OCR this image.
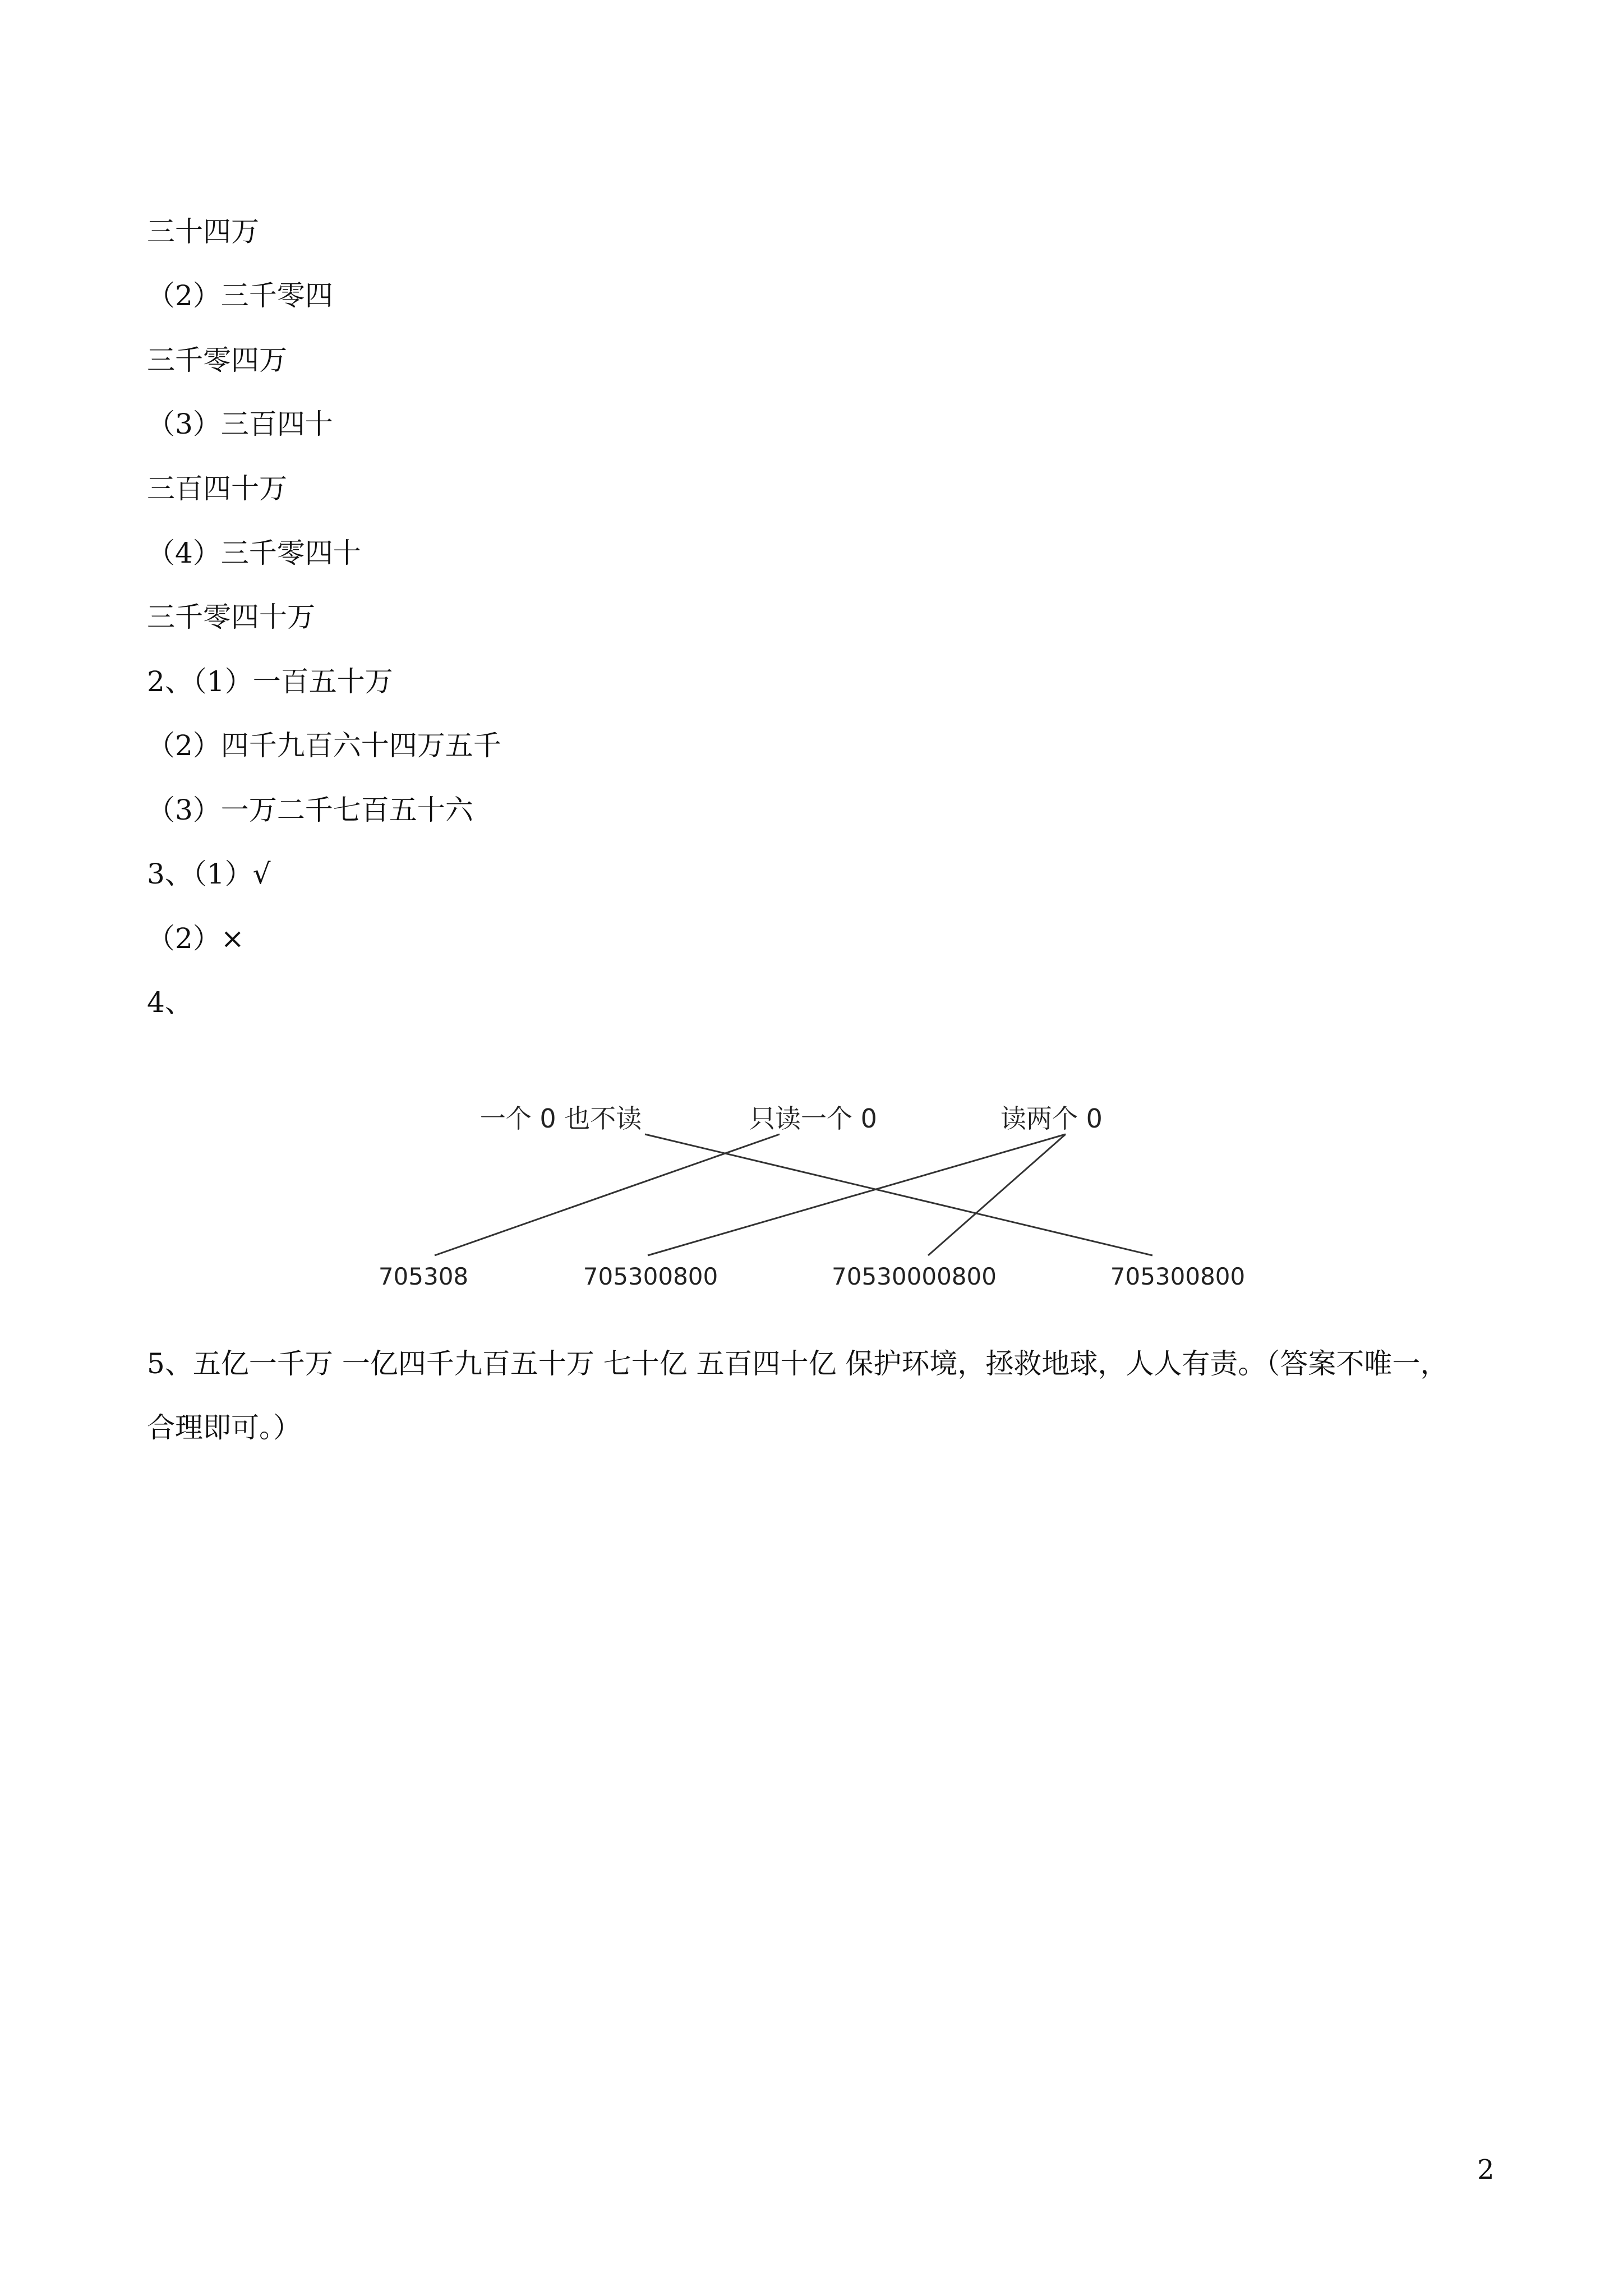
三十四万
（2）三千零四
三千零四万
（3）三百四十
三百四十万
（4）三千零四十
三千零四十万
2、（1）一百五十万
（2）四千九百六十四万五千
（3）一万二千七百五十六
3、（1）√
（2）×
4、
一个 0 也不读	只读一个 0	读两个 0
705308	705300800	70530000800	705300800
5、五亿一千万 一亿四千九百五十万 七十亿 五百四十亿 保护环境，拯救地球，人人有责。（答案不唯一，
合理即可。）
2
